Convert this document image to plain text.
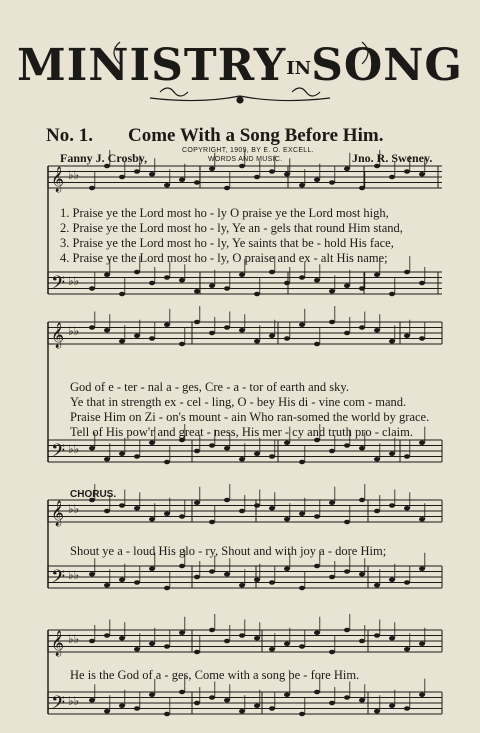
MINISTRYINSONG
𝄞 ♭♭
𝄢 ♭♭
𝄞 ♭♭
𝄢 ♭♭
𝄞 ♭♭
𝄢 ♭♭
𝄞 ♭♭
𝄢 ♭♭
No. 1. Come With a Song Before Him.
COPYRIGHT, 1909, BY E. O. EXCELL.
WORDS AND MUSIC.
Fanny J. Crosby,	Jno. R. Sweney.
1. Praise ye the Lord most ho - ly O praise ye the Lord most high,
2. Praise ye the Lord most ho - ly, Ye an - gels that round Him stand,
3. Praise ye the Lord most ho - ly, Ye saints that be - hold His face,
4. Praise ye the Lord most ho - ly, O praise and ex - alt His name;
God of e - ter - nal a - ges, Cre - a - tor of earth and sky.
Ye that in strength ex - cel - ling, O - bey His di - vine com - mand.
Praise Him on Zi - on's mount - ain Who ran-somed the world by grace.
Tell of His pow'r and great - ness, His mer - cy and truth pro - claim.
CHORUS.
Shout ye a - loud His glo - ry, Shout and with joy a - dore Him;
He is the God of a - ges, Come with a song be - fore Him.
